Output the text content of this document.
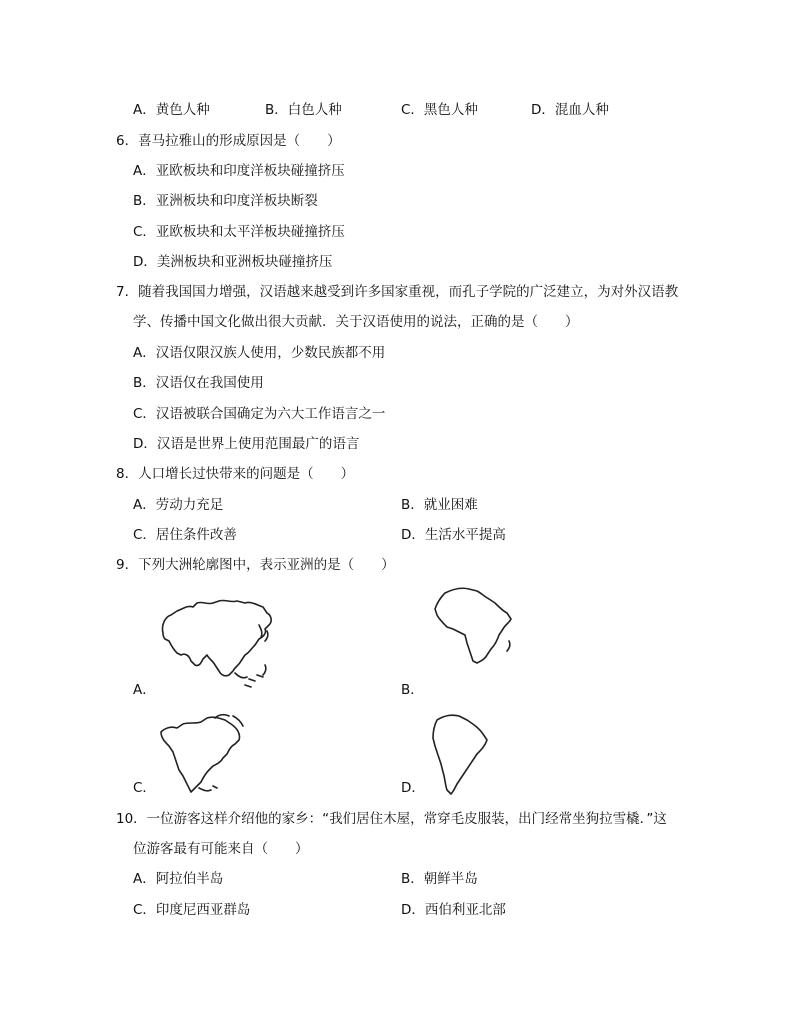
A．黄色人种	B．白色人种	C．黑色人种	D．混血人种
6．喜马拉雅山的形成原因是（　　）
A．亚欧板块和印度洋板块碰撞挤压
B．亚洲板块和印度洋板块断裂
C．亚欧板块和太平洋板块碰撞挤压
D．美洲板块和亚洲板块碰撞挤压
7．随着我国国力增强，汉语越来越受到许多国家重视，而孔子学院的广泛建立，为对外汉语教
学、传播中国文化做出很大贡献．关于汉语使用的说法，正确的是（　　）
A．汉语仅限汉族人使用，少数民族都不用
B．汉语仅在我国使用
C．汉语被联合国确定为六大工作语言之一
D．汉语是世界上使用范围最广的语言
8．人口增长过快带来的问题是（　　）
A．劳动力充足	B．就业困难
C．居住条件改善	D．生活水平提高
9．下列大洲轮廓图中，表示亚洲的是（　　）
A．	B．
C．	D．
10．一位游客这样介绍他的家乡：“我们居住木屋，常穿毛皮服装，出门经常坐狗拉雪橇．”这
位游客最有可能来自（　　）
A．阿拉伯半岛	B．朝鲜半岛
C．印度尼西亚群岛	D．西伯利亚北部
